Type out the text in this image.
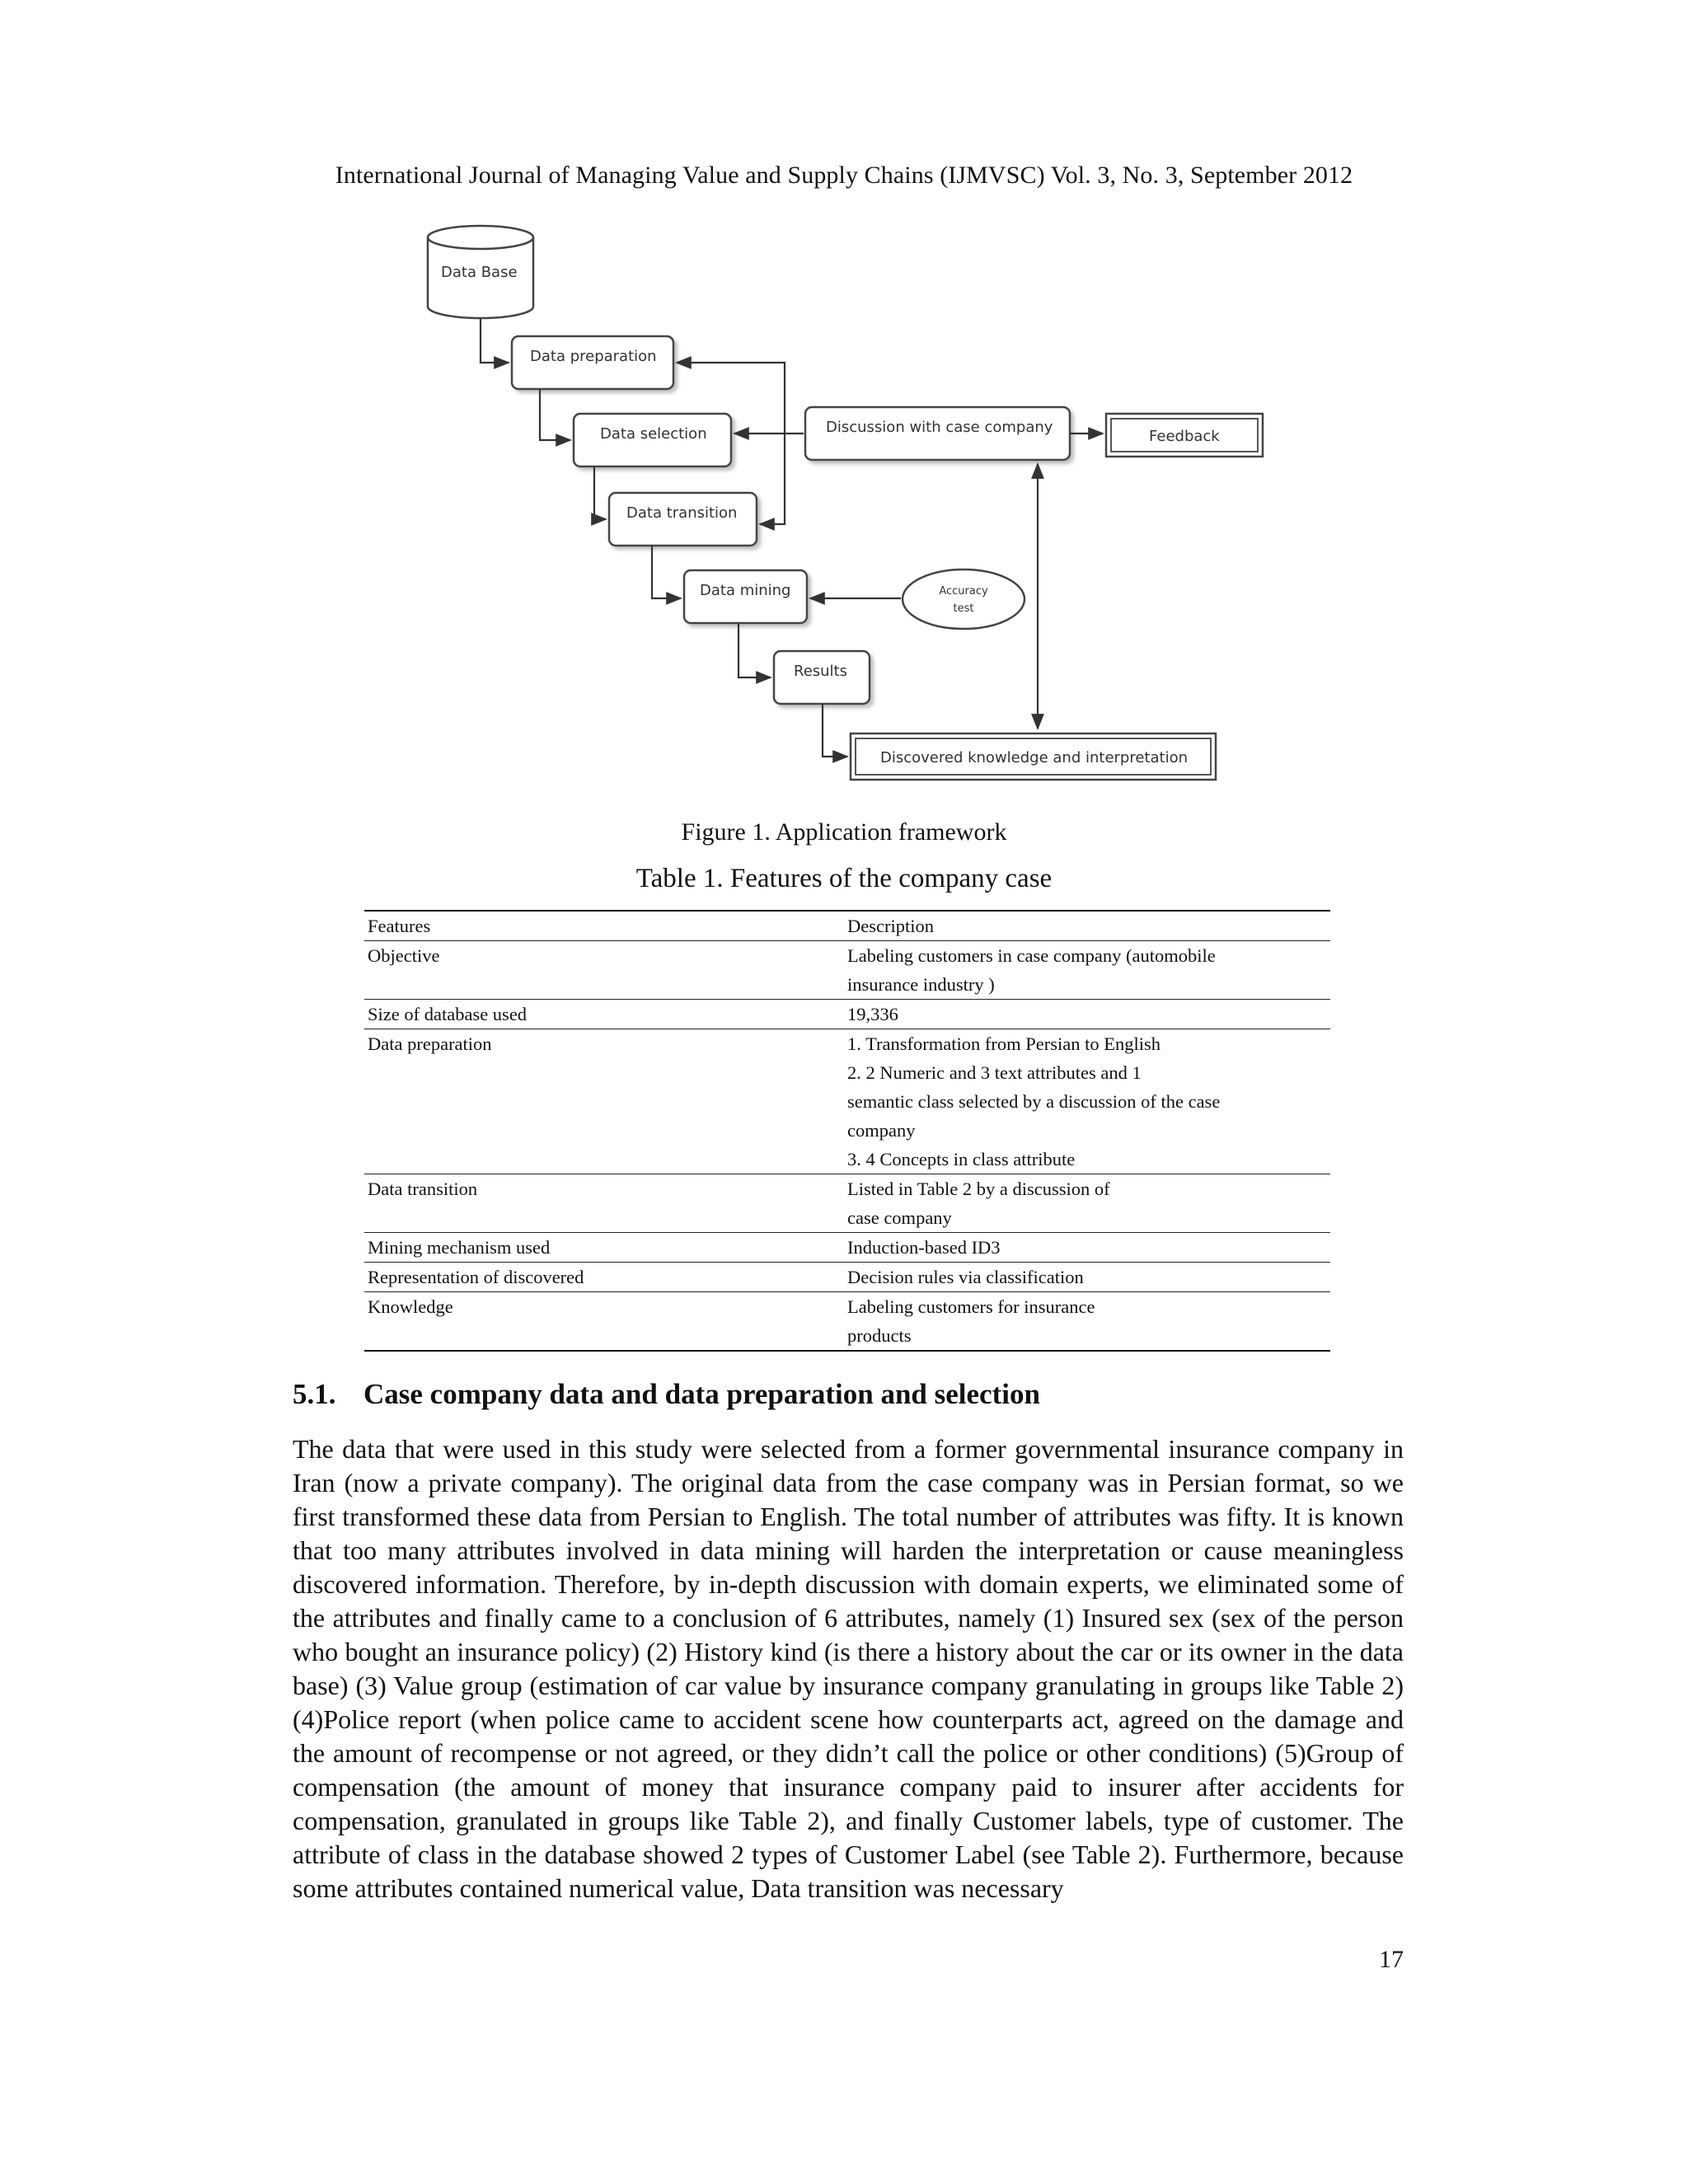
International Journal of Managing Value and Supply Chains (IJMVSC) Vol. 3, No. 3, September 2012
Data Base
Data preparation
Data selection	Discussion with case company
Feedback
Data transition
Data mining	Accuracy
test
Results
Discovered knowledge and interpretation
Figure 1. Application framework
Table 1. Features of the company case
Features	Description
Objective	Labeling customers in case company (automobile
insurance industry )

Size of database used	19,336

Data preparation	1. Transformation from Persian to English
2. 2 Numeric and 3 text attributes and 1
semantic class selected by a discussion of the case
company
3. 4 Concepts in class attribute

Data transition	Listed in Table 2 by a discussion of
case company

Mining mechanism used	Induction-based ID3

Representation of discovered	Decision rules via classification

Knowledge	Labeling customers for insurance
products
5.1. Case company data and data preparation and selection

The data that were used in this study were selected from a former governmental insurance company in Iran (now a private company). The original data from the case company was in Persian format, so we first transformed these data from Persian to English. The total number of attributes was fifty. It is known that too many attributes involved in data mining will harden the interpretation or cause meaningless discovered information. Therefore, by in-depth discussion with domain experts, we eliminated some of the attributes and finally came to a conclusion of 6 attributes, namely (1) Insured sex (sex of the person who bought an insurance policy) (2) History kind (is there a history about the car or its owner in the data base) (3) Value group (estimation of car value by insurance company granulating in groups like Table 2) (4)Police report (when police came to accident scene how counterparts act, agreed on the damage and the amount of recompense or not agreed, or they didn’t call the police or other conditions) (5)Group of compensation (the amount of money that insurance company paid to insurer after accidents for compensation, granulated in groups like Table 2), and finally Customer labels, type of customer. The attribute of class in the database showed 2 types of Customer Label (see Table 2). Furthermore, because some attributes contained numerical value, Data transition was necessary

17
